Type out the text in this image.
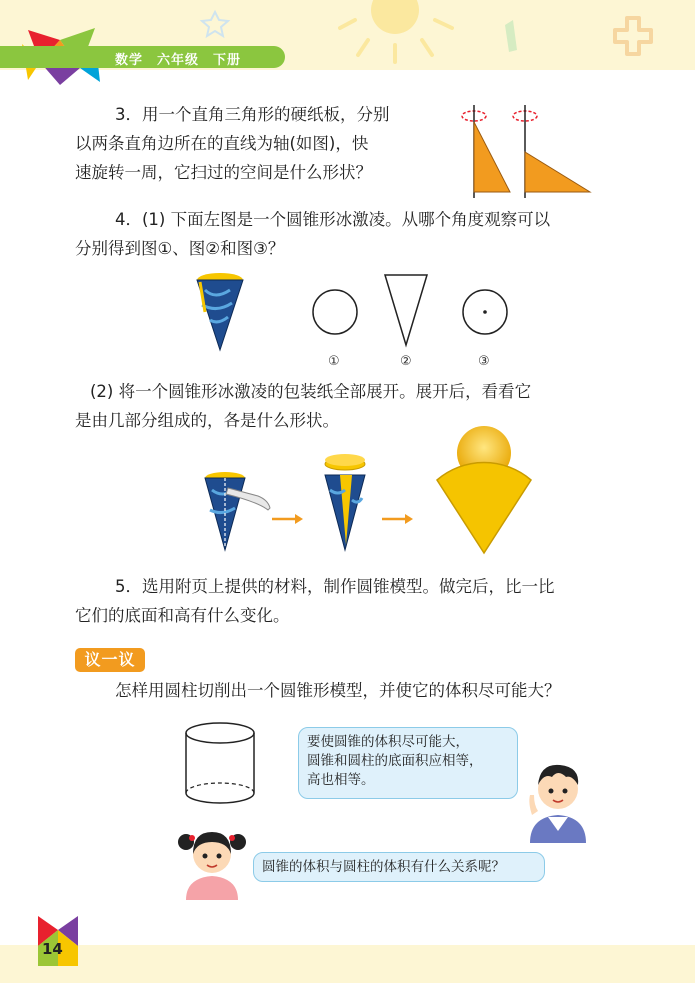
数学 六年级 下册
3．用一个直角三角形的硬纸板，分别
以两条直角边所在的直线为轴(如图)，快
速旋转一周，它扫过的空间是什么形状？
4．(1) 下面左图是一个圆锥形冰激凌。从哪个角度观察可以
分别得到图①、图②和图③？
①	②	③
(2) 将一个圆锥形冰激凌的包装纸全部展开。展开后，看看它
是由几部分组成的，各是什么形状。
5．选用附页上提供的材料，制作圆锥模型。做完后，比一比
它们的底面和高有什么变化。
议一议
怎样用圆柱切削出一个圆锥形模型，并使它的体积尽可能大？
要使圆锥的体积尽可能大，
圆锥和圆柱的底面积应相等，
高也相等。
圆锥的体积与圆柱的体积有什么关系呢？
14
